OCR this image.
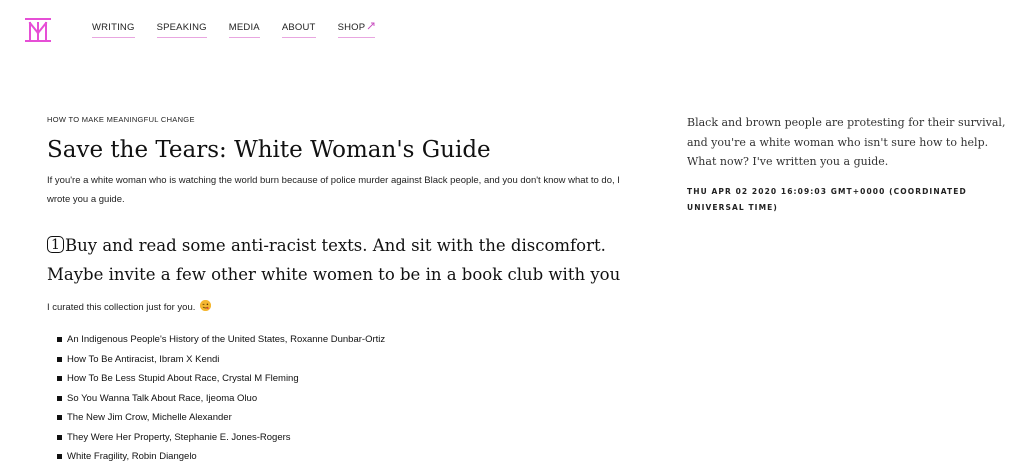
WRITING SPEAKING MEDIA ABOUT SHOP

HOW TO MAKE MEANINGFUL CHANGE

Save the Tears: White Woman's Guide

If you're a white woman who is watching the world burn because of police murder against Black people, and you don't know what to do, I wrote you a guide.

1 Buy and read some anti-racist texts. And sit with the discomfort. Maybe invite a few other white women to be in a book club with you

I curated this collection just for you.

An Indigenous People's History of the United States, Roxanne Dunbar-Ortiz
How To Be Antiracist, Ibram X Kendi
How To Be Less Stupid About Race, Crystal M Fleming
So You Wanna Talk About Race, Ijeoma Oluo
The New Jim Crow, Michelle Alexander
They Were Her Property, Stephanie E. Jones-Rogers
White Fragility, Robin Diangelo

Black and brown people are protesting for their survival, and you're a white woman who isn't sure how to help. What now? I've written you a guide.

THU APR 02 2020 16:09:03 GMT+0000 (COORDINATED UNIVERSAL TIME)
